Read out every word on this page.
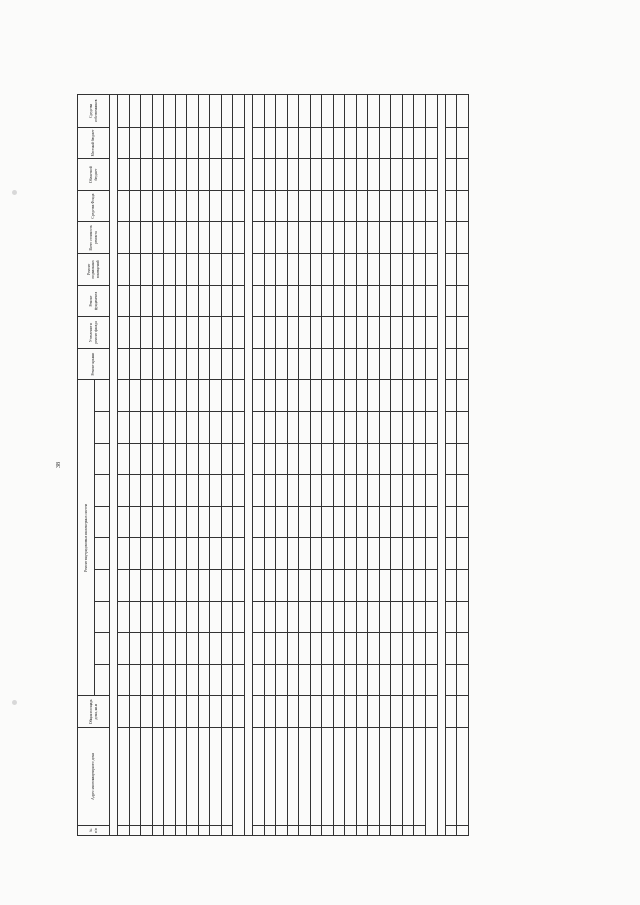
38
№ п/п	Адрес многоквартирного дома	Общая площадь дома, кв.м	Ремонт внутридомовых инженерных систем										Ремонт крыши	Утепление и ремонт фасада	Ремонт фундамента	Ремонт подвальных помещений	Всего стоимость ремонта	Средства Фонда	Областной бюджет	Местный бюджет	Средства собственников
